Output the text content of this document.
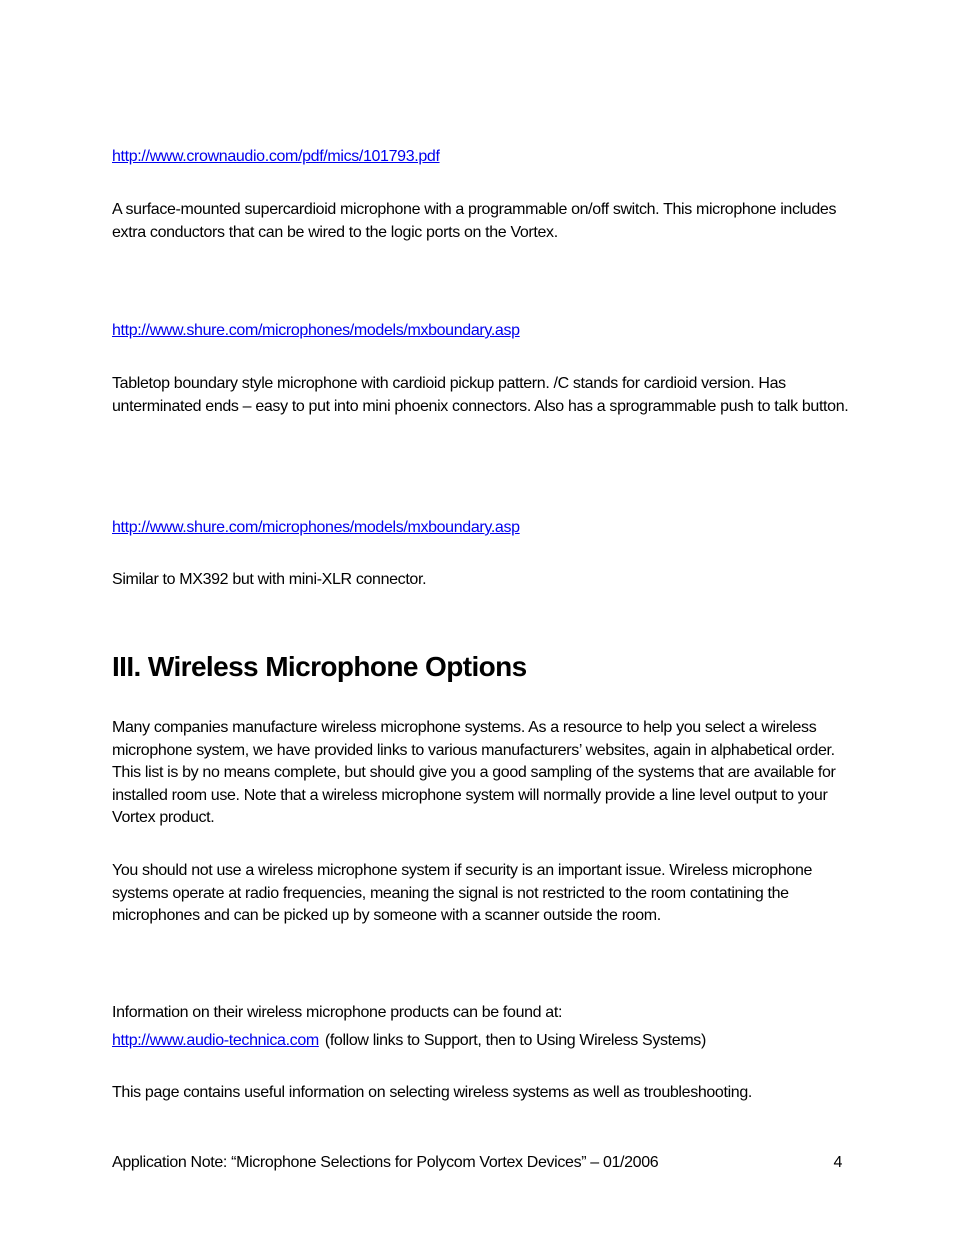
http://www.crownaudio.com/pdf/mics/101793.pdf

A surface-mounted supercardioid microphone with a programmable on/off switch. This microphone includes extra conductors that can be wired to the logic ports on the Vortex.

http://www.shure.com/microphones/models/mxboundary.asp

Tabletop boundary style microphone with cardioid pickup pattern. /C stands for cardioid version. Has unterminated ends – easy to put into mini phoenix connectors. Also has a sprogrammable push to talk button.

http://www.shure.com/microphones/models/mxboundary.asp

Similar to MX392 but with mini-XLR connector.

III. Wireless Microphone Options

Many companies manufacture wireless microphone systems. As a resource to help you select a wireless microphone system, we have provided links to various manufacturers’ websites, again in alphabetical order. This list is by no means complete, but should give you a good sampling of the systems that are available for installed room use. Note that a wireless microphone system will normally provide a line level output to your Vortex product.

You should not use a wireless microphone system if security is an important issue. Wireless microphone systems operate at radio frequencies, meaning the signal is not restricted to the room contatining the microphones and can be picked up by someone with a scanner outside the room.

Information on their wireless microphone products can be found at:

http://www.audio-technica.com (follow links to Support, then to Using Wireless Systems)

This page contains useful information on selecting wireless systems as well as troubleshooting.

Application Note: “Microphone Selections for Polycom Vortex Devices” – 01/2006	4
